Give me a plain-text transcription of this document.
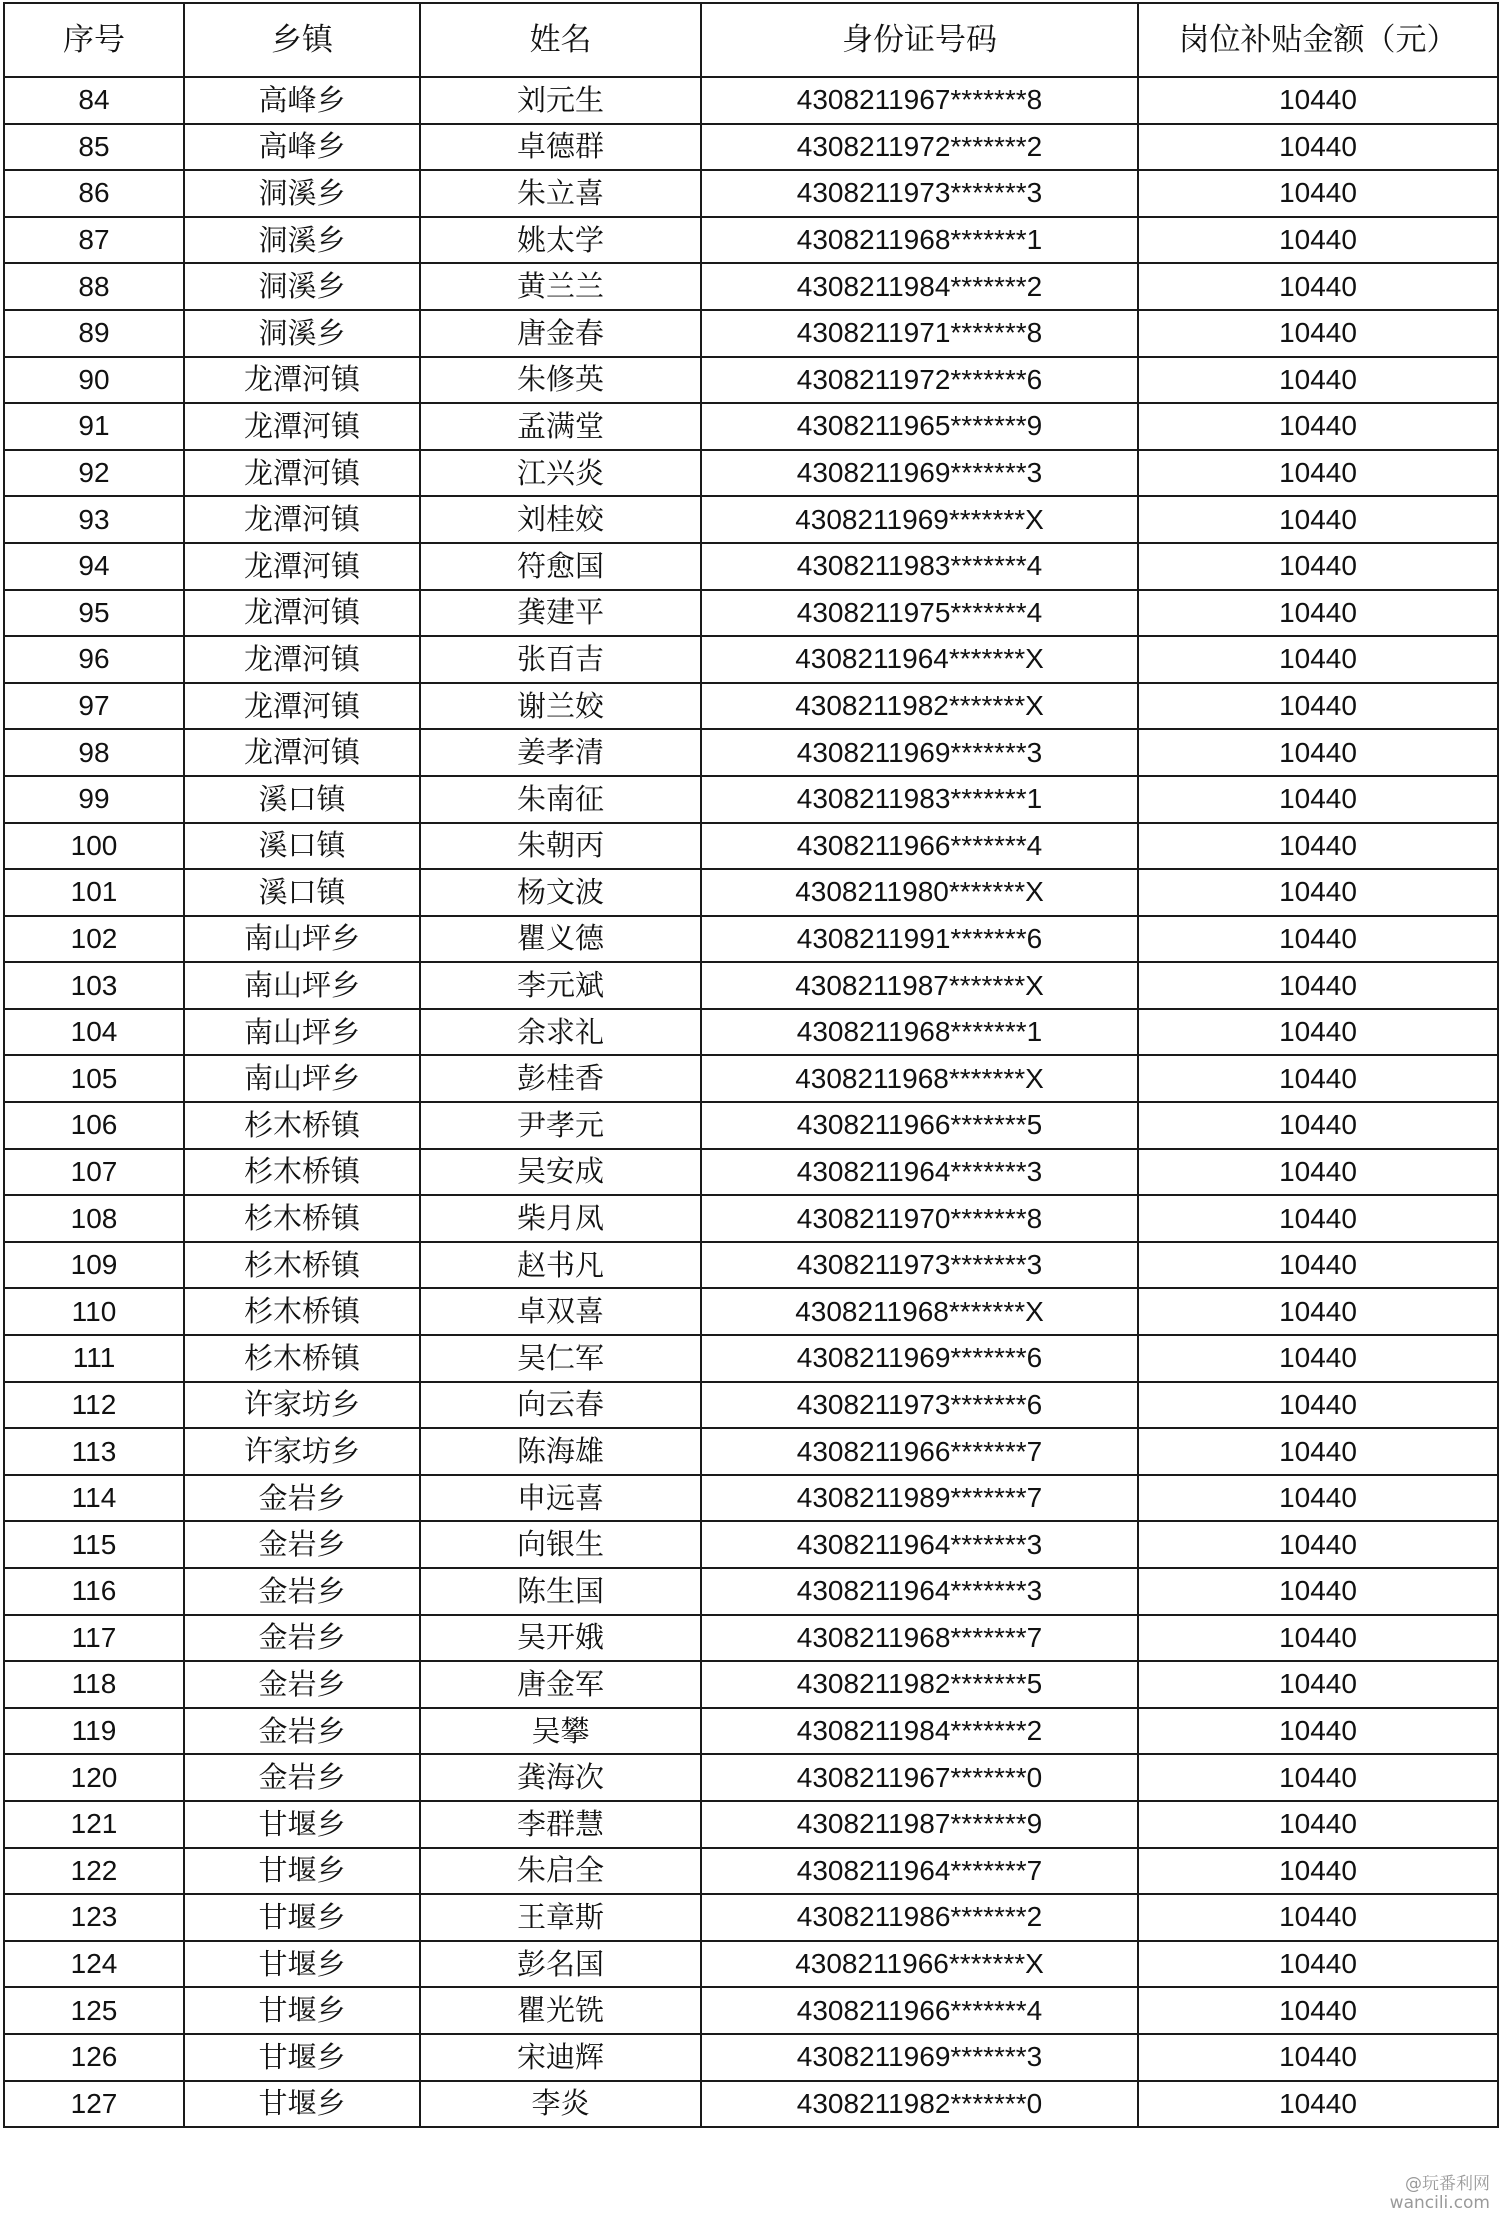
序号	乡镇	姓名	身份证号码	岗位补贴金额（元）
84	高峰乡	刘元生	4308211967*******8	10440
85	高峰乡	卓德群	4308211972*******2	10440
86	洞溪乡	朱立喜	4308211973*******3	10440
87	洞溪乡	姚太学	4308211968*******1	10440
88	洞溪乡	黄兰兰	4308211984*******2	10440
89	洞溪乡	唐金春	4308211971*******8	10440
90	龙潭河镇	朱修英	4308211972*******6	10440
91	龙潭河镇	孟满堂	4308211965*******9	10440
92	龙潭河镇	江兴炎	4308211969*******3	10440
93	龙潭河镇	刘桂姣	4308211969*******X	10440
94	龙潭河镇	符愈国	4308211983*******4	10440
95	龙潭河镇	龚建平	4308211975*******4	10440
96	龙潭河镇	张百吉	4308211964*******X	10440
97	龙潭河镇	谢兰姣	4308211982*******X	10440
98	龙潭河镇	姜孝清	4308211969*******3	10440
99	溪口镇	朱南征	4308211983*******1	10440
100	溪口镇	朱朝丙	4308211966*******4	10440
101	溪口镇	杨文波	4308211980*******X	10440
102	南山坪乡	瞿义德	4308211991*******6	10440
103	南山坪乡	李元斌	4308211987*******X	10440
104	南山坪乡	余求礼	4308211968*******1	10440
105	南山坪乡	彭桂香	4308211968*******X	10440
106	杉木桥镇	尹孝元	4308211966*******5	10440
107	杉木桥镇	吴安成	4308211964*******3	10440
108	杉木桥镇	柴月凤	4308211970*******8	10440
109	杉木桥镇	赵书凡	4308211973*******3	10440
110	杉木桥镇	卓双喜	4308211968*******X	10440
111	杉木桥镇	吴仁军	4308211969*******6	10440
112	许家坊乡	向云春	4308211973*******6	10440
113	许家坊乡	陈海雄	4308211966*******7	10440
114	金岩乡	申远喜	4308211989*******7	10440
115	金岩乡	向银生	4308211964*******3	10440
116	金岩乡	陈生国	4308211964*******3	10440
117	金岩乡	吴开娥	4308211968*******7	10440
118	金岩乡	唐金军	4308211982*******5	10440
119	金岩乡	吴攀	4308211984*******2	10440
120	金岩乡	龚海次	4308211967*******0	10440
121	甘堰乡	李群慧	4308211987*******9	10440
122	甘堰乡	朱启全	4308211964*******7	10440
123	甘堰乡	王章斯	4308211986*******2	10440
124	甘堰乡	彭名国	4308211966*******X	10440
125	甘堰乡	瞿光铣	4308211966*******4	10440
126	甘堰乡	宋迪辉	4308211969*******3	10440
127	甘堰乡	李炎	4308211982*******0	10440
@玩番利网
wancili.com
